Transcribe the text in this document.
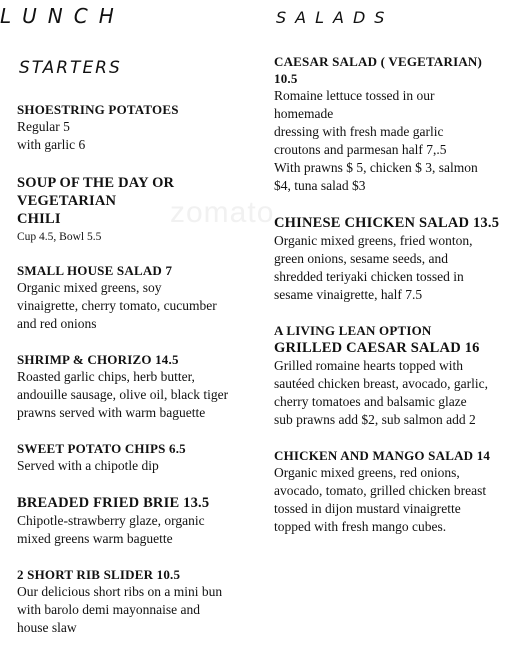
zomato
LUNCH
STARTERS
SHOESTRING POTATOES
Regular 5
with garlic 6
SOUP OF THE DAY OR
VEGETARIAN
CHILI
Cup 4.5, Bowl 5.5
SMALL HOUSE SALAD 7
Organic mixed greens, soy
vinaigrette, cherry tomato, cucumber
and red onions
SHRIMP & CHORIZO 14.5
Roasted garlic chips, herb butter,
andouille sausage, olive oil, black tiger
prawns served with warm baguette
SWEET POTATO CHIPS 6.5
Served with a chipotle dip
BREADED FRIED BRIE 13.5
Chipotle-strawberry glaze, organic
mixed greens warm baguette
2 SHORT RIB SLIDER 10.5
Our delicious short ribs on a mini bun
with barolo demi mayonnaise and
house slaw
SALADS
CAESAR SALAD ( VEGETARIAN)
10.5
Romaine lettuce tossed in our
homemade
dressing with fresh made garlic
croutons and parmesan half 7,.5
With prawns $ 5, chicken $ 3, salmon
$4, tuna salad $3
CHINESE CHICKEN SALAD 13.5
Organic mixed greens, fried wonton,
green onions, sesame seeds, and
shredded teriyaki chicken tossed in
sesame vinaigrette, half 7.5
A LIVING LEAN OPTION
GRILLED CAESAR SALAD 16
Grilled romaine hearts topped with
sautéed chicken breast, avocado, garlic,
cherry tomatoes and balsamic glaze
sub prawns add $2, sub salmon add 2
CHICKEN AND MANGO SALAD 14
Organic mixed greens, red onions,
avocado, tomato, grilled chicken breast
tossed in dijon mustard vinaigrette
topped with fresh mango cubes.
